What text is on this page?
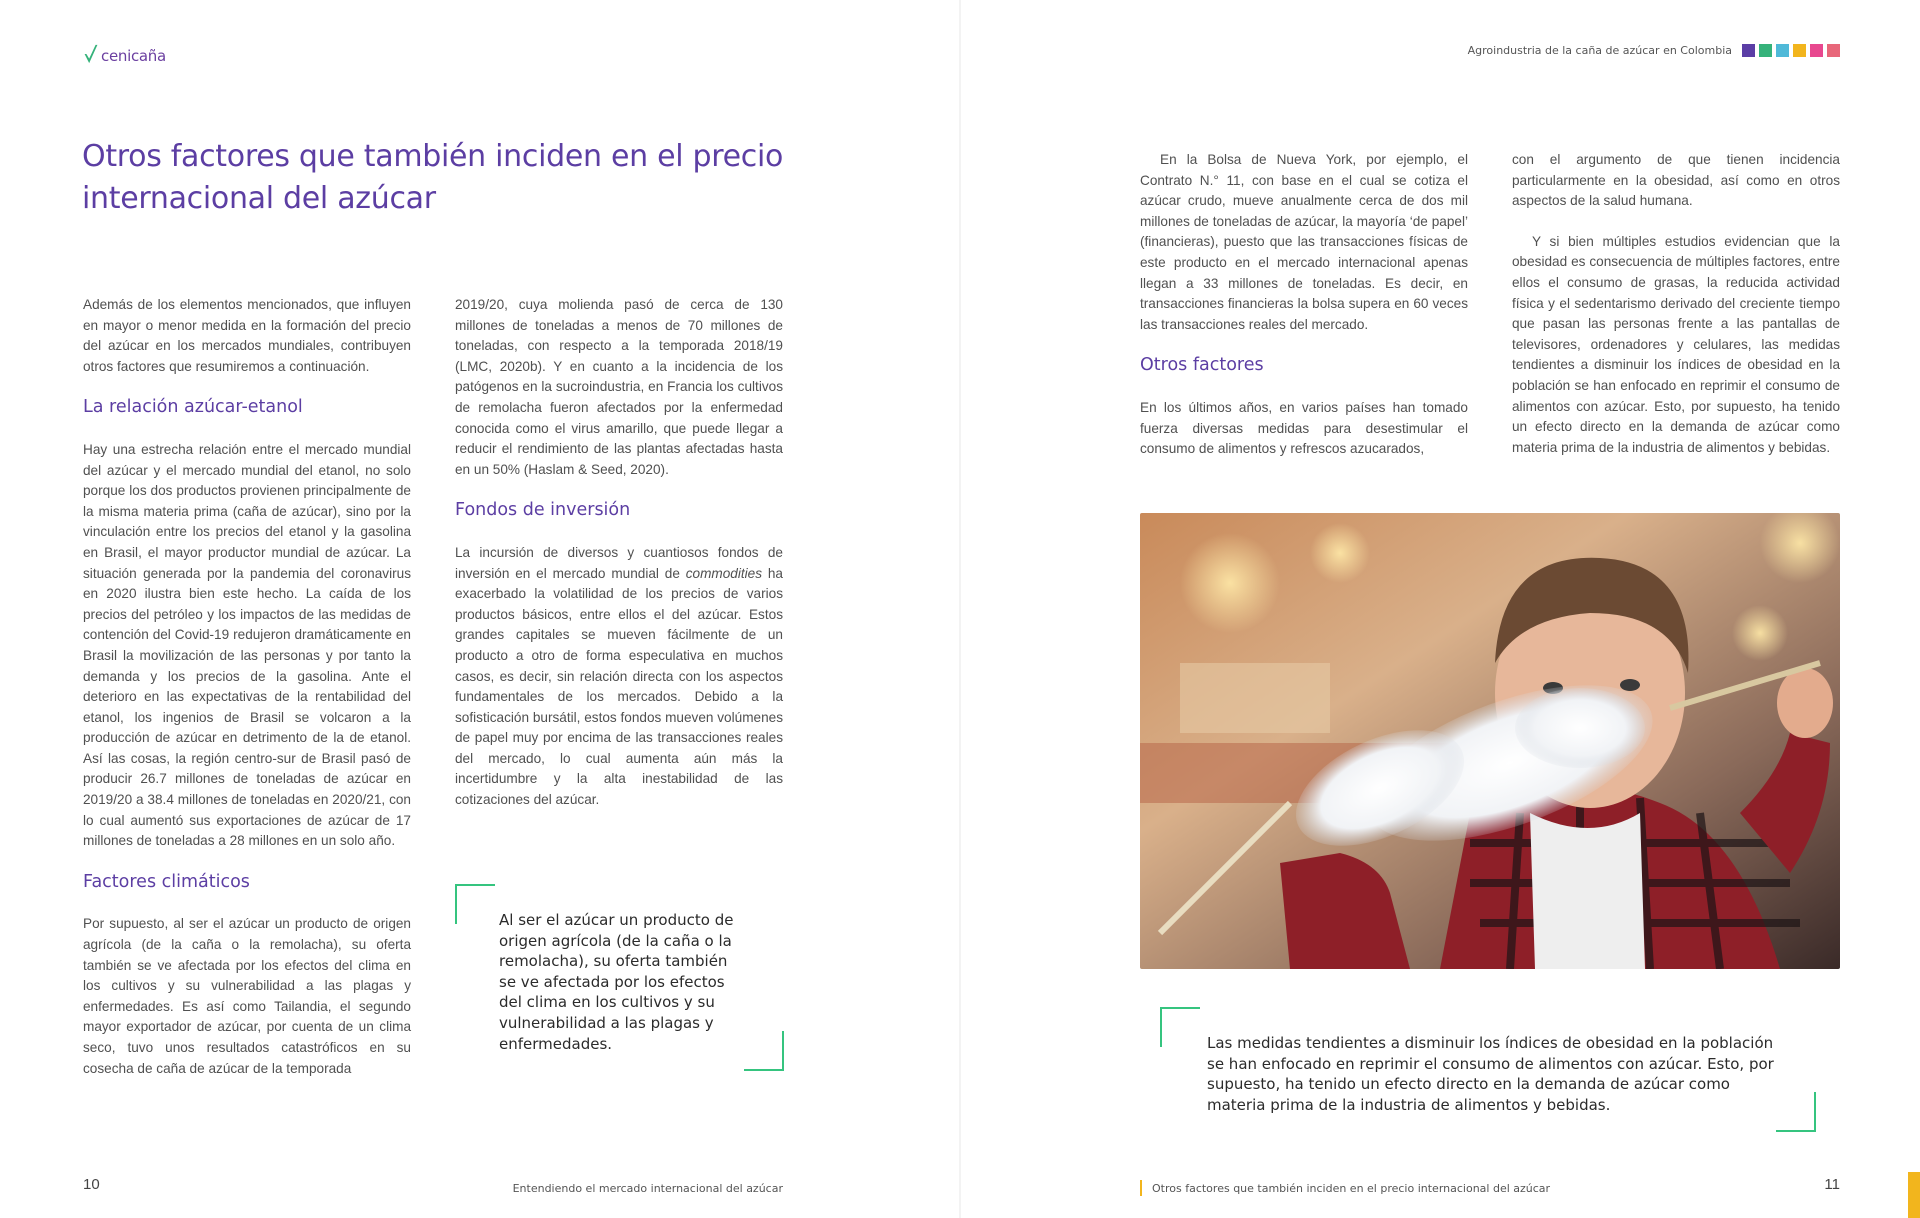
cenicaña
Otros factores que también inciden en el precio internacional del azúcar

Además de los elementos mencionados, que influyen en mayor o menor medida en la formación del precio del azúcar en los mercados mundiales, contribuyen otros factores que resumiremos a continuación.

La relación azúcar-etanol

Hay una estrecha relación entre el mercado mundial del azúcar y el mercado mundial del etanol, no solo porque los dos productos provienen principalmente de la misma materia prima (caña de azúcar), sino por la vinculación entre los precios del etanol y la gasolina en Brasil, el mayor productor mundial de azúcar. La situación generada por la pandemia del coronavirus en 2020 ilustra bien este hecho. La caída de los precios del petróleo y los impactos de las medidas de contención del Covid-19 redujeron dramáticamente en Brasil la movilización de las personas y por tanto la demanda y los precios de la gasolina. Ante el deterioro en las expectativas de la rentabilidad del etanol, los ingenios de Brasil se volcaron a la producción de azúcar en detrimento de la de etanol. Así las cosas, la región centro-sur de Brasil pasó de producir 26.7 millones de toneladas de azúcar en 2019/20 a 38.4 millones de toneladas en 2020/21, con lo cual aumentó sus exportaciones de azúcar de 17 millones de toneladas a 28 millones en un solo año.

Factores climáticos

Por supuesto, al ser el azúcar un producto de origen agrícola (de la caña o la remolacha), su oferta también se ve afectada por los efectos del clima en los cultivos y su vulnerabilidad a las plagas y enfermedades. Es así como Tailandia, el segundo mayor exportador de azúcar, por cuenta de un clima seco, tuvo unos resultados catastróficos en su cosecha de caña de azúcar de la temporada

2019/20, cuya molienda pasó de cerca de 130 millones de toneladas a menos de 70 millones de toneladas, con respecto a la temporada 2018/19 (LMC, 2020b). Y en cuanto a la incidencia de los patógenos en la sucroindustria, en Francia los cultivos de remolacha fueron afectados por la enfermedad conocida como el virus amarillo, que puede llegar a reducir el rendimiento de las plantas afectadas hasta en un 50% (Haslam & Seed, 2020).

Fondos de inversión

La incursión de diversos y cuantiosos fondos de inversión en el mercado mundial de commodities ha exacerbado la volatilidad de los precios de varios productos básicos, entre ellos el del azúcar. Estos grandes capitales se mueven fácilmente de un producto a otro de forma especulativa en muchos casos, es decir, sin relación directa con los aspectos fundamentales de los mercados. Debido a la sofisticación bursátil, estos fondos mueven volúmenes de papel muy por encima de las transacciones reales del mercado, lo cual aumenta aún más la incertidumbre y la alta inestabilidad de las cotizaciones del azúcar.

Al ser el azúcar un producto de origen agrícola (de la caña o la remolacha), su oferta también se ve afectada por los efectos del clima en los cultivos y su vulnerabilidad a las plagas y enfermedades.
10	Entendiendo el mercado internacional del azúcar
Agroindustria de la caña de azúcar en Colombia

En la Bolsa de Nueva York, por ejemplo, el Contrato N.° 11, con base en el cual se cotiza el azúcar crudo, mueve anualmente cerca de dos mil millones de toneladas de azúcar, la mayoría ‘de papel’ (financieras), puesto que las transacciones físicas de este producto en el mercado internacional apenas llegan a 33 millones de toneladas. Es decir, en transacciones financieras la bolsa supera en 60 veces las transacciones reales del mercado.

Otros factores

En los últimos años, en varios países han tomado fuerza diversas medidas para desestimular el consumo de alimentos y refrescos azucarados,

con el argumento de que tienen incidencia particularmente en la obesidad, así como en otros aspectos de la salud humana.

Y si bien múltiples estudios evidencian que la obesidad es consecuencia de múltiples factores, entre ellos el consumo de grasas, la reducida actividad física y el sedentarismo derivado del creciente tiempo que pasan las personas frente a las pantallas de televisores, ordenadores y celulares, las medidas tendientes a disminuir los índices de obesidad en la población se han enfocado en reprimir el consumo de alimentos con azúcar. Esto, por supuesto, ha tenido un efecto directo en la demanda de azúcar como materia prima de la industria de alimentos y bebidas.

Las medidas tendientes a disminuir los índices de obesidad en la población se han enfocado en reprimir el consumo de alimentos con azúcar. Esto, por supuesto, ha tenido un efecto directo en la demanda de azúcar como materia prima de la industria de alimentos y bebidas.
Otros factores que también inciden en el precio internacional del azúcar	11
